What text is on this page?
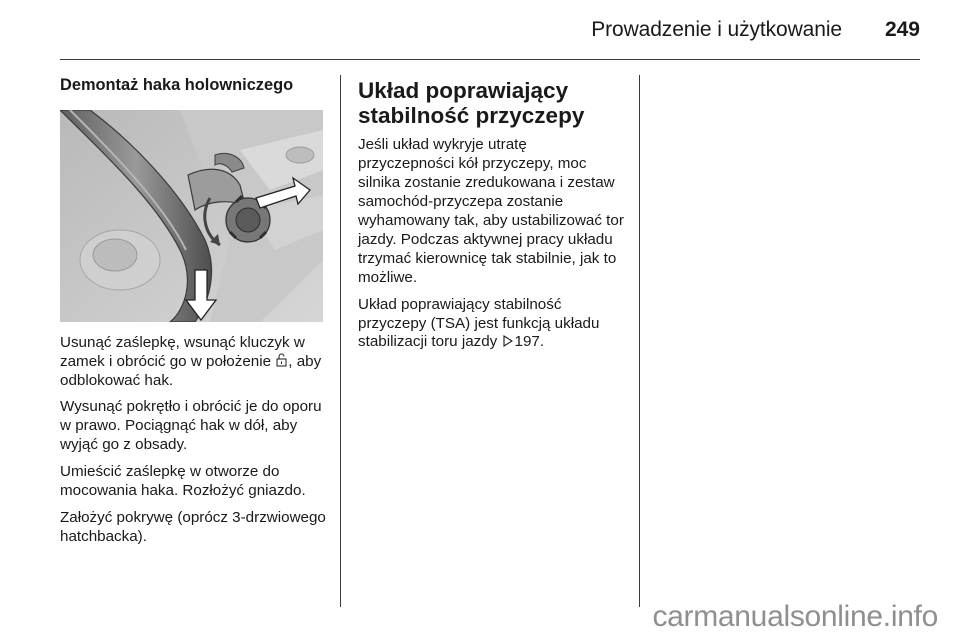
Prowadzenie i użytkowanie 249
Demontaż haka holowniczego

Usunąć zaślepkę, wsunąć kluczyk w zamek i obrócić go w położenie , aby odblokować hak.

Wysunąć pokrętło i obrócić je do oporu w prawo. Pociągnąć hak w dół, aby wyjąć go z obsady.

Umieścić zaślepkę w otworze do mocowania haka. Rozłożyć gniazdo.

Założyć pokrywę (oprócz 3-drzwiowego hatchbacka).

Układ poprawiający stabilność przyczepy

Jeśli układ wykryje utratę przyczepności kół przyczepy, moc silnika zostanie zredukowana i zestaw samochód-przyczepa zostanie wyhamowany tak, aby ustabilizować tor jazdy. Podczas aktywnej pracy układu trzymać kierownicę tak stabilnie, jak to możliwe.

Układ poprawiający stabilność przyczepy (TSA) jest funkcją układu stabilizacji toru jazdy 197.

carmanualsonline.info
